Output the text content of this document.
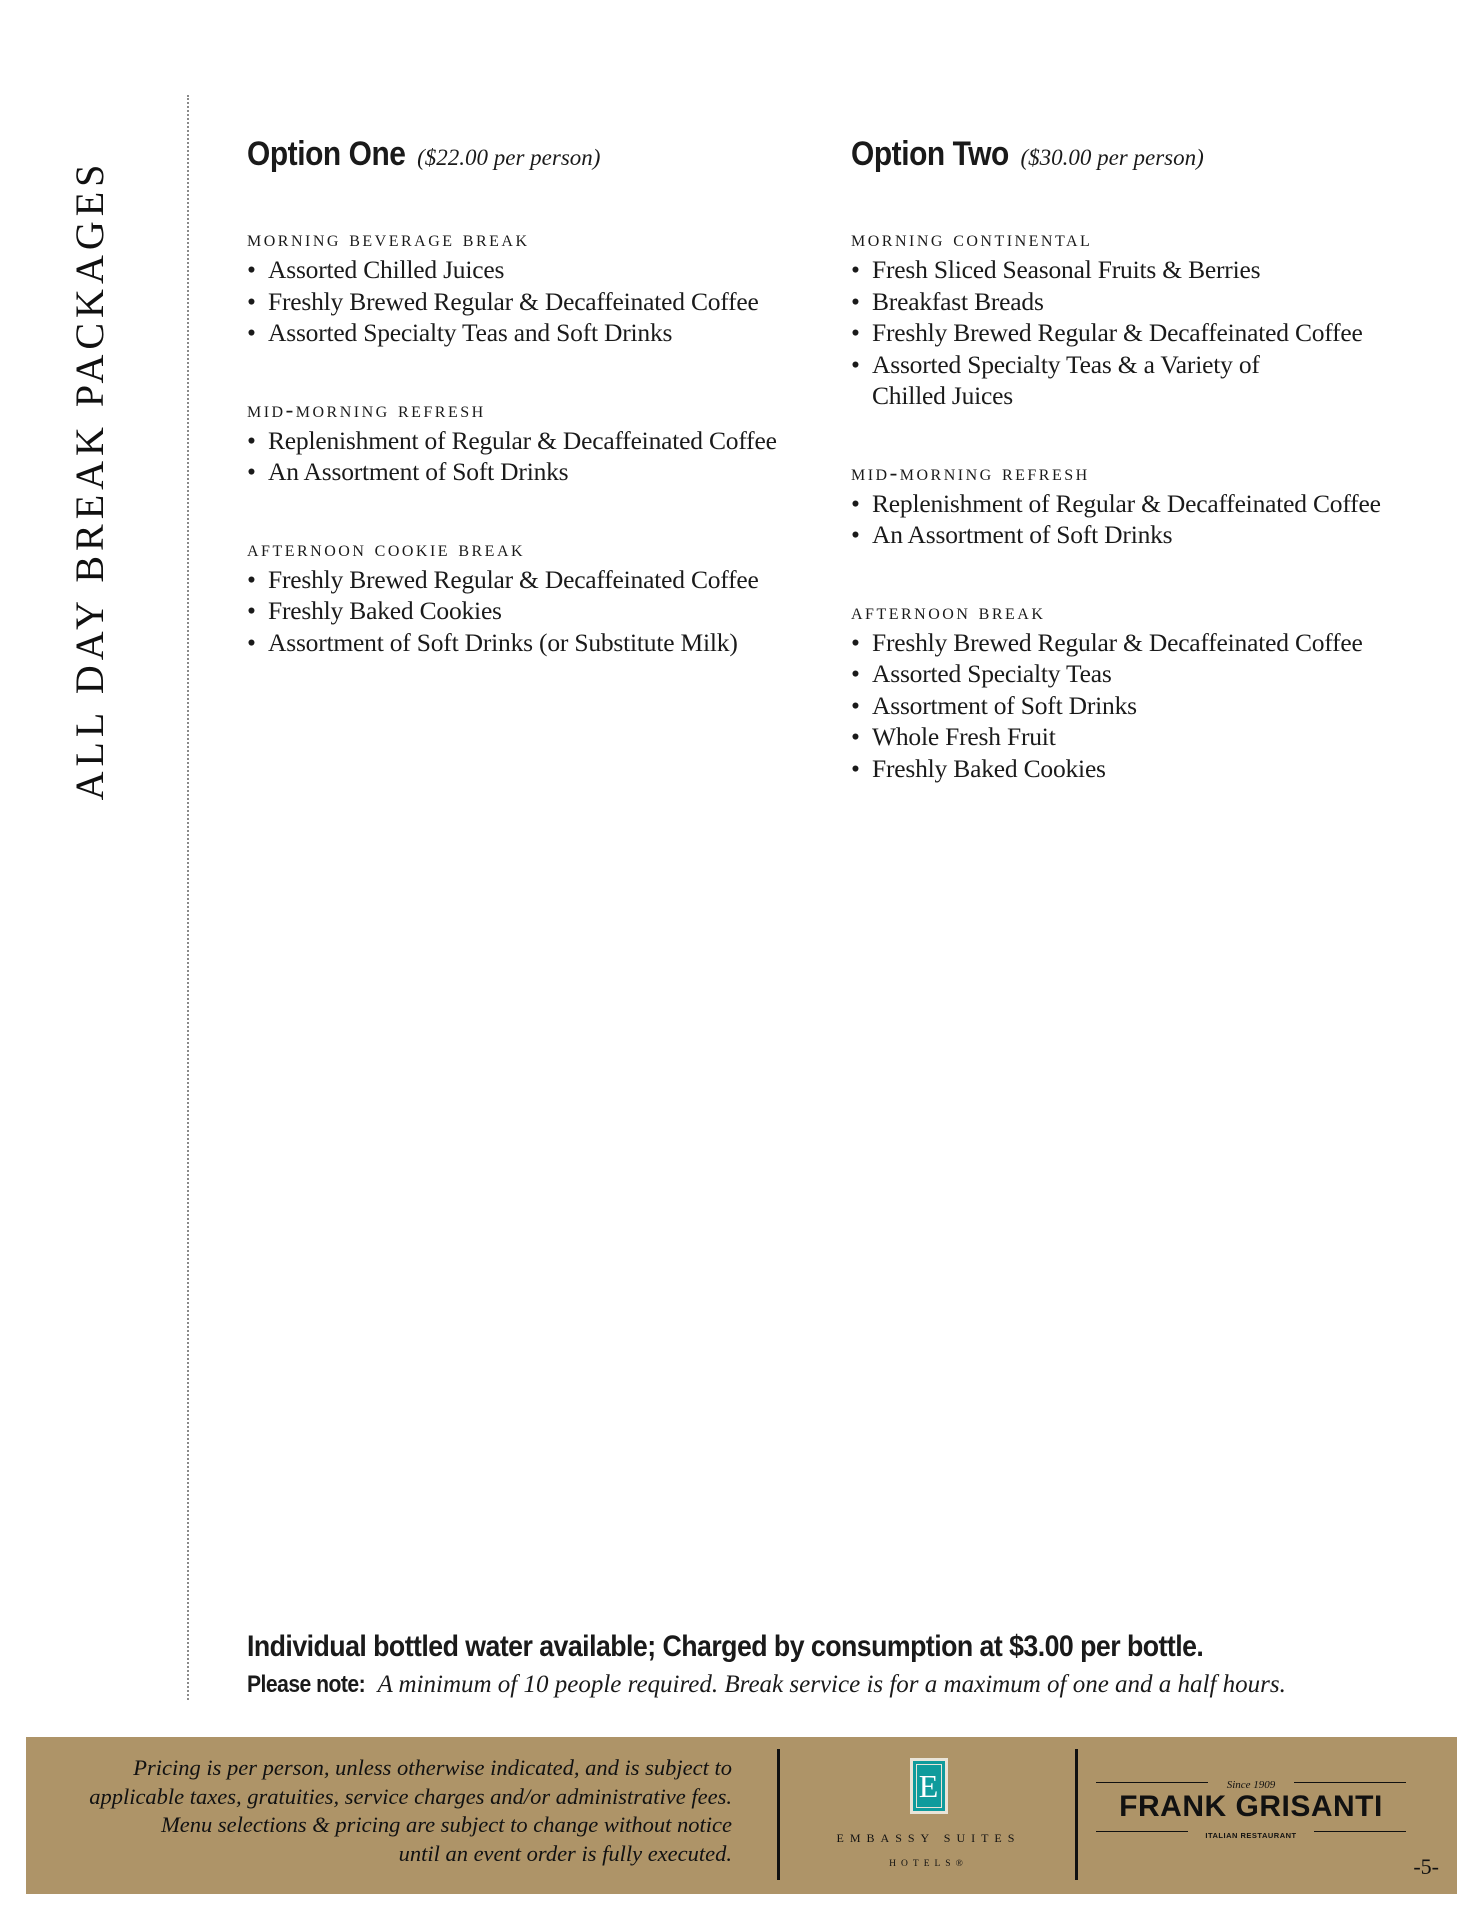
ALL DAY BREAK PACKAGES
Option One ($22.00 per person)

morning beverage break

• Assorted Chilled Juices
• Freshly Brewed Regular & Decaffeinated Coffee
• Assorted Specialty Teas and Soft Drinks

mid-morning refresh

• Replenishment of Regular & Decaffeinated Coffee
• An Assortment of Soft Drinks

afternoon cookie break

• Freshly Brewed Regular & Decaffeinated Coffee
• Freshly Baked Cookies
• Assortment of Soft Drinks (or Substitute Milk)
Option Two ($30.00 per person)

morning continental

• Fresh Sliced Seasonal Fruits & Berries
• Breakfast Breads
• Freshly Brewed Regular & Decaffeinated Coffee
• Assorted Specialty Teas & a Variety of Chilled Juices

mid-morning refresh

• Replenishment of Regular & Decaffeinated Coffee
• An Assortment of Soft Drinks

afternoon break

• Freshly Brewed Regular & Decaffeinated Coffee
• Assorted Specialty Teas
• Assortment of Soft Drinks
• Whole Fresh Fruit
• Freshly Baked Cookies
Individual bottled water available; Charged by consumption at $3.00 per bottle.
Please note: A minimum of 10 people required. Break service is for a maximum of one and a half hours.
Pricing is per person, unless otherwise indicated, and is subject to
applicable taxes, gratuities, service charges and/or administrative fees.
Menu selections & pricing are subject to change without notice
until an event order is fully executed.
E
EMBASSY SUITES
HOTELS®
Since 1909
FRANK GRISANTI
ITALIAN RESTAURANT
-5-
